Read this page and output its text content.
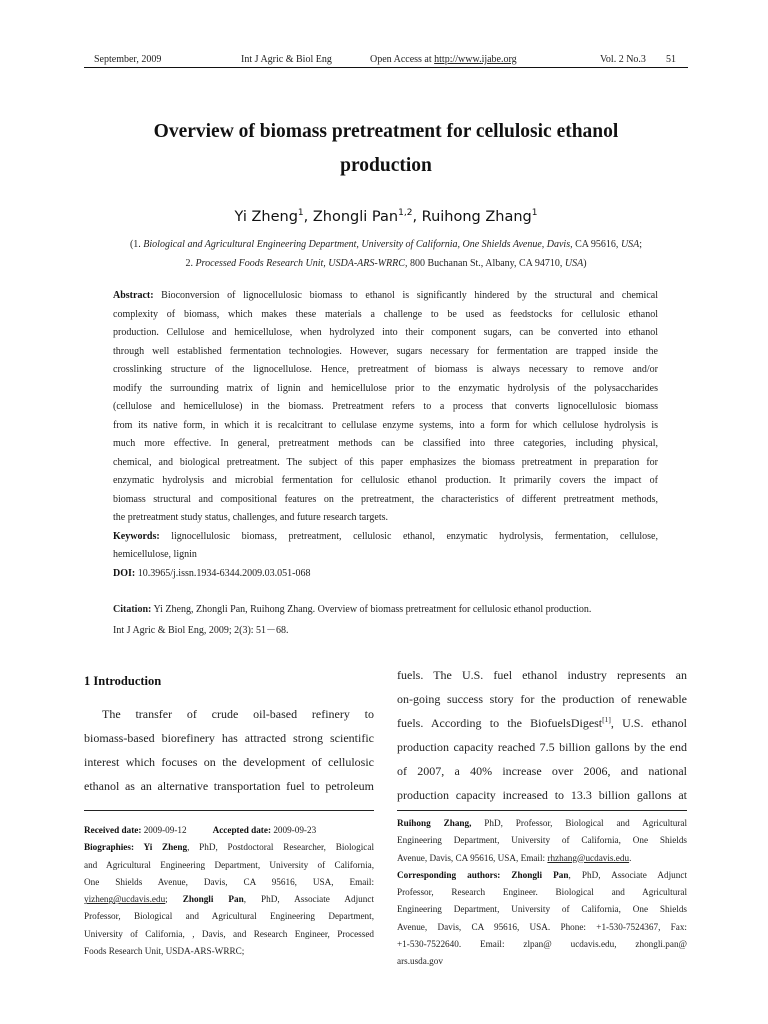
September, 2009	Int J Agric & Biol Eng	Open Access at http://www.ijabe.org	Vol. 2 No.3 51
Overview of biomass pretreatment for cellulosic ethanol
production
Yi Zheng$^1$, Zhongli Pan$^{1,2}$, Ruihong Zhang$^1$
(1. Biological and Agricultural Engineering Department, University of California, One Shields Avenue, Davis, CA 95616, USA;
2. Processed Foods Research Unit, USDA-ARS-WRRC, 800 Buchanan St., Albany, CA 94710, USA)
Abstract: Bioconversion of lignocellulosic biomass to ethanol is significantly hindered by the structural and chemical
complexity of biomass, which makes these materials a challenge to be used as feedstocks for cellulosic ethanol
production. Cellulose and hemicellulose, when hydrolyzed into their component sugars, can be converted into ethanol
through well established fermentation technologies. However, sugars necessary for fermentation are trapped inside the
crosslinking structure of the lignocellulose. Hence, pretreatment of biomass is always necessary to remove and/or
modify the surrounding matrix of lignin and hemicellulose prior to the enzymatic hydrolysis of the polysaccharides
(cellulose and hemicellulose) in the biomass. Pretreatment refers to a process that converts lignocellulosic biomass
from its native form, in which it is recalcitrant to cellulase enzyme systems, into a form for which cellulose hydrolysis is
much more effective. In general, pretreatment methods can be classified into three categories, including physical,
chemical, and biological pretreatment. The subject of this paper emphasizes the biomass pretreatment in preparation for
enzymatic hydrolysis and microbial fermentation for cellulosic ethanol production. It primarily covers the impact of
biomass structural and compositional features on the pretreatment, the characteristics of different pretreatment methods,
the pretreatment study status, challenges, and future research targets.
Keywords: lignocellulosic biomass, pretreatment, cellulosic ethanol, enzymatic hydrolysis, fermentation, cellulose,
hemicellulose, lignin
DOI: 10.3965/j.issn.1934-6344.2009.03.051-068
Citation: Yi Zheng, Zhongli Pan, Ruihong Zhang. Overview of biomass pretreatment for cellulosic ethanol production.
Int J Agric & Biol Eng, 2009; 2(3): 51－68.
1 Introduction
The transfer of crude oil-based refinery to
biomass-based biorefinery has attracted strong scientific
interest which focuses on the development of cellulosic
ethanol as an alternative transportation fuel to petroleum
fuels. The U.S. fuel ethanol industry represents an
on-going success story for the production of renewable
fuels. According to the BiofuelsDigest[1], U.S. ethanol
production capacity reached 7.5 billion gallons by the end
of 2007, a 40% increase over 2006, and national
production capacity increased to 13.3 billion gallons at
Received date: 2009-09-12	Accepted date: 2009-09-23
Biographies: Yi Zheng, PhD, Postdoctoral Researcher, Biological
and Agricultural Engineering Department, University of California,
One Shields Avenue, Davis, CA 95616, USA, Email:
yizheng@ucdavis.edu; Zhongli Pan, PhD, Associate Adjunct
Professor, Biological and Agricultural Engineering Department,
University of California, , Davis, and Research Engineer, Processed
Foods Research Unit, USDA-ARS-WRRC;
Ruihong Zhang, PhD, Professor, Biological and Agricultural
Engineering Department, University of California, One Shields
Avenue, Davis, CA 95616, USA, Email: rhzhang@ucdavis.edu.
Corresponding authors: Zhongli Pan, PhD, Associate Adjunct
Professor, Research Engineer. Biological and Agricultural
Engineering Department, University of California, One Shields
Avenue, Davis, CA 95616, USA. Phone: +1-530-7524367, Fax:
+1-530-7522640. Email: zlpan@ ucdavis.edu, zhongli.pan@
ars.usda.gov
